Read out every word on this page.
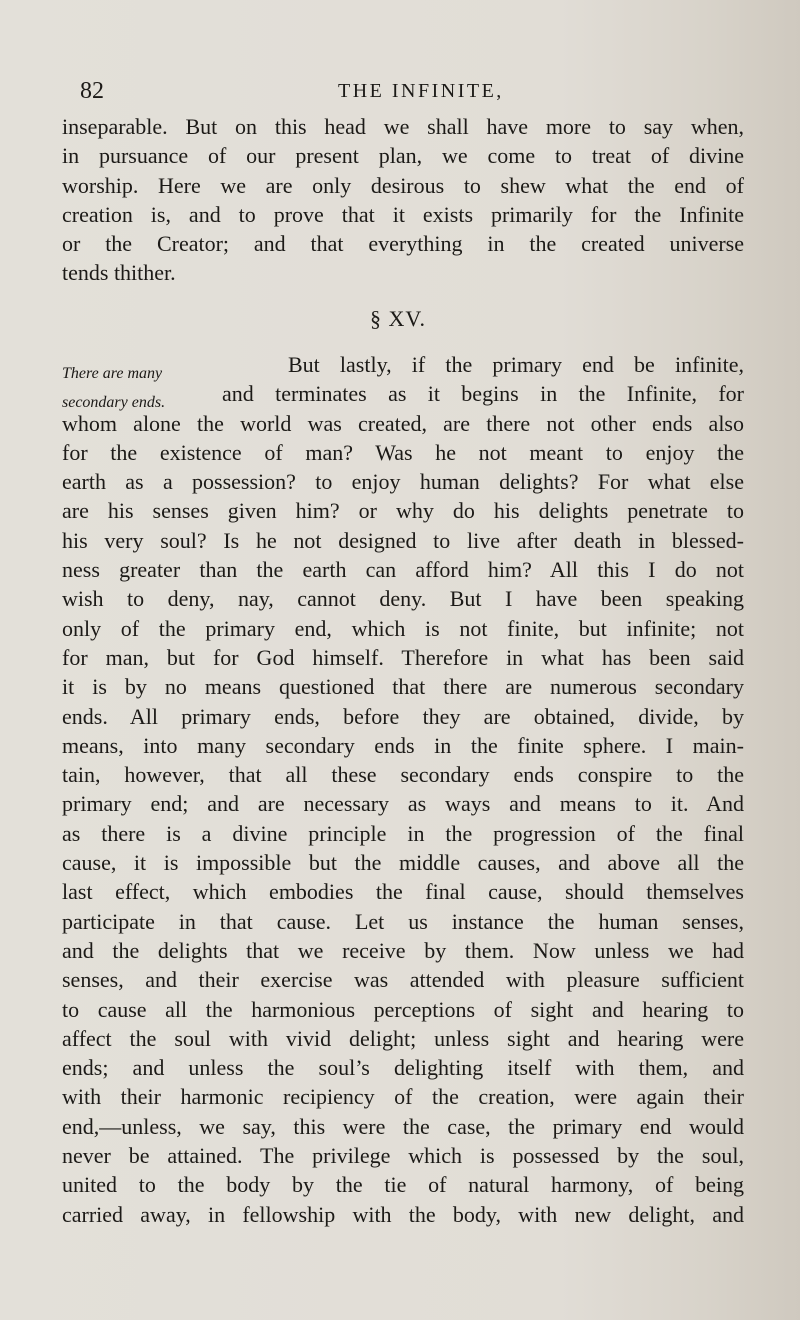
82	THE INFINITE,
inseparable. But on this head we shall have more to say when,
in pursuance of our present plan, we come to treat of divine
worship. Here we are only desirous to shew what the end of
creation is, and to prove that it exists primarily for the Infinite
or the Creator; and that everything in the created universe
tends thither.
§ XV.
There are many
secondary ends.
But lastly, if the primary end be infinite,
and terminates as it begins in the Infinite, for
whom alone the world was created, are there not other ends also
for the existence of man? Was he not meant to enjoy the
earth as a possession? to enjoy human delights? For what else
are his senses given him? or why do his delights penetrate to
his very soul? Is he not designed to live after death in blessed-
ness greater than the earth can afford him? All this I do not
wish to deny, nay, cannot deny. But I have been speaking
only of the primary end, which is not finite, but infinite; not
for man, but for God himself. Therefore in what has been said
it is by no means questioned that there are numerous secondary
ends. All primary ends, before they are obtained, divide, by
means, into many secondary ends in the finite sphere. I main-
tain, however, that all these secondary ends conspire to the
primary end; and are necessary as ways and means to it. And
as there is a divine principle in the progression of the final
cause, it is impossible but the middle causes, and above all the
last effect, which embodies the final cause, should themselves
participate in that cause. Let us instance the human senses,
and the delights that we receive by them. Now unless we had
senses, and their exercise was attended with pleasure sufficient
to cause all the harmonious perceptions of sight and hearing to
affect the soul with vivid delight; unless sight and hearing were
ends; and unless the soul’s delighting itself with them, and
with their harmonic recipiency of the creation, were again their
end,—unless, we say, this were the case, the primary end would
never be attained. The privilege which is possessed by the soul,
united to the body by the tie of natural harmony, of being
carried away, in fellowship with the body, with new delight, and
